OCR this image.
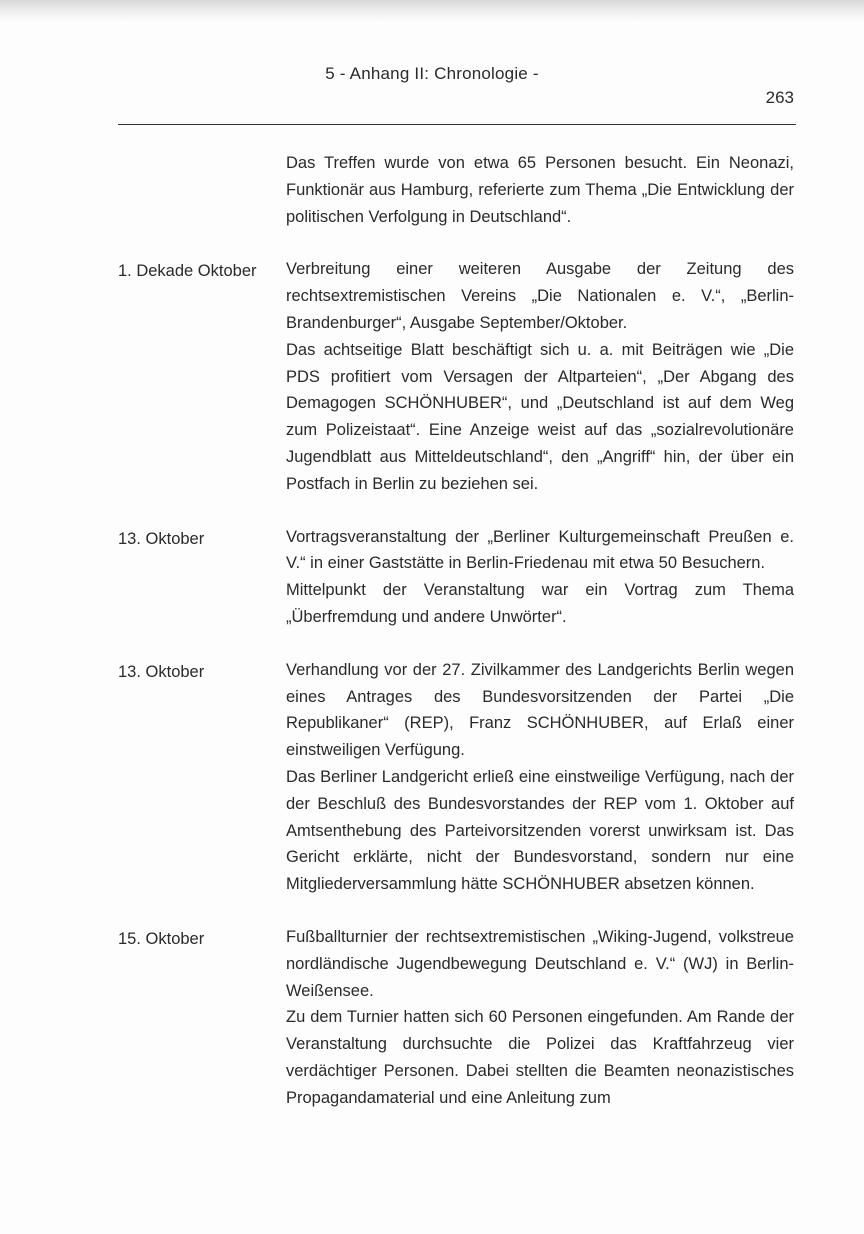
5 - Anhang II: Chronologie -
263

Das Treffen wurde von etwa 65 Personen besucht. Ein Neonazi, Funktionär aus Hamburg, referierte zum Thema „Die Entwicklung der politischen Verfolgung in Deutschland“.

1. Dekade Oktober	Verbreitung einer weiteren Ausgabe der Zeitung des rechtsextremistischen Vereins „Die Nationalen e. V.“, „Berlin-Brandenburger“, Ausgabe September/Oktober.

Das achtseitige Blatt beschäftigt sich u. a. mit Beiträgen wie „Die PDS profitiert vom Versagen der Altparteien“, „Der Abgang des Demagogen SCHÖNHUBER“, und „Deutschland ist auf dem Weg zum Polizeistaat“. Eine Anzeige weist auf das „sozialrevolutionäre Jugendblatt aus Mitteldeutschland“, den „Angriff“ hin, der über ein Postfach in Berlin zu beziehen sei.

13. Oktober	Vortragsveranstaltung der „Berliner Kulturgemeinschaft Preußen e. V.“ in einer Gaststätte in Berlin-Friedenau mit etwa 50 Besuchern.

Mittelpunkt der Veranstaltung war ein Vortrag zum Thema „Überfremdung und andere Unwörter“.

13. Oktober	Verhandlung vor der 27. Zivilkammer des Landgerichts Berlin wegen eines Antrages des Bundesvorsitzenden der Partei „Die Republikaner“ (REP), Franz SCHÖNHUBER, auf Erlaß einer einstweiligen Verfügung.

Das Berliner Landgericht erließ eine einstweilige Verfügung, nach der der Beschluß des Bundesvorstandes der REP vom 1. Oktober auf Amtsenthebung des Parteivorsitzenden vorerst unwirksam ist. Das Gericht erklärte, nicht der Bundesvorstand, sondern nur eine Mitgliederversammlung hätte SCHÖNHUBER absetzen können.

15. Oktober	Fußballturnier der rechtsextremistischen „Wiking-Jugend, volkstreue nordländische Jugendbewegung Deutschland e. V.“ (WJ) in Berlin-Weißensee.

Zu dem Turnier hatten sich 60 Personen eingefunden. Am Rande der Veranstaltung durchsuchte die Polizei das Kraftfahrzeug vier verdächtiger Personen. Dabei stellten die Beamten neonazistisches Propagandamaterial und eine Anleitung zum
